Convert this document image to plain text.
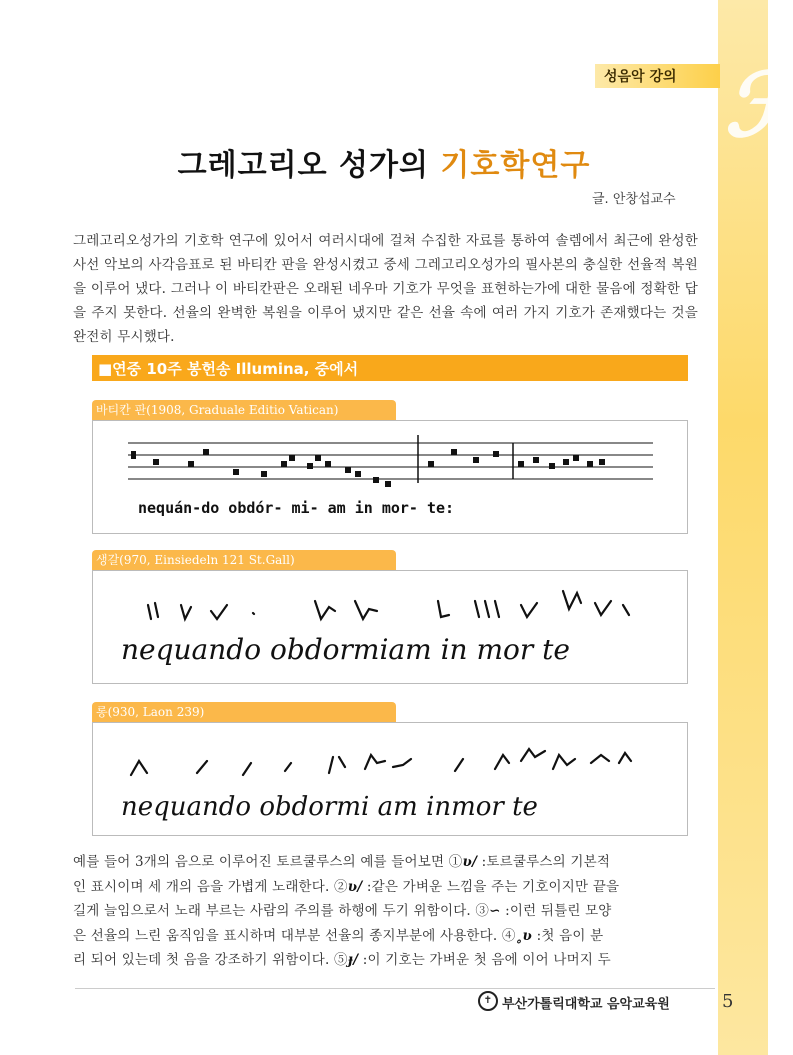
ℱ
성음악 강의
그레고리오 성가의 기호학연구
글. 안창섭교수
그레고리오성가의 기호학 연구에 있어서 여러시대에 걸쳐 수집한 자료를 통하여 솔렘에서 최근에 완성한 사선 악보의 사각음표로 된 바티칸 판을 완성시켰고 중세 그레고리오성가의 필사본의 충실한 선율적 복원을 이루어 냈다. 그러나 이 바티칸판은 오래된 네우마 기호가 무엇을 표현하는가에 대한 물음에 정확한 답을 주지 못한다. 선율의 완벽한 복원을 이루어 냈지만 같은 선율 속에 여러 가지 기호가 존재했다는 것을 완전히 무시했다.
■연중 10주 봉헌송 Illumina, 중에서
바티칸 판(1908, Graduale Editio Vatican)
nequán-do obdór- mi- am in mor- te:
생갈(970, Einsiedeln 121 St.Gall)
nequando obdormiam in mor te
롱(930, Laon 239)
nequando obdormi am inmor te
예를 들어 3개의 음으로 이루어진 토르쿨루스의 예를 들어보면 ①ʋ/ :토르쿨루스의 기본적
인 표시이며 세 개의 음을 가볍게 노래한다. ②ʋ/ :같은 가벼운 느낌을 주는 기호이지만 끝을
길게 늘임으로서 노래 부르는 사람의 주의를 하행에 두기 위함이다. ③∽ :이런 뒤틀린 모양
은 선율의 느린 움직임을 표시하며 대부분 선율의 종지부분에 사용한다. ④˳ʋ :첫 음이 분
리 되어 있는데 첫 음을 강조하기 위함이다. ⑤ɟ/ :이 기호는 가벼운 첫 음에 이어 나머지 두
✝ 부산가톨릭대학교 음악교육원	5
